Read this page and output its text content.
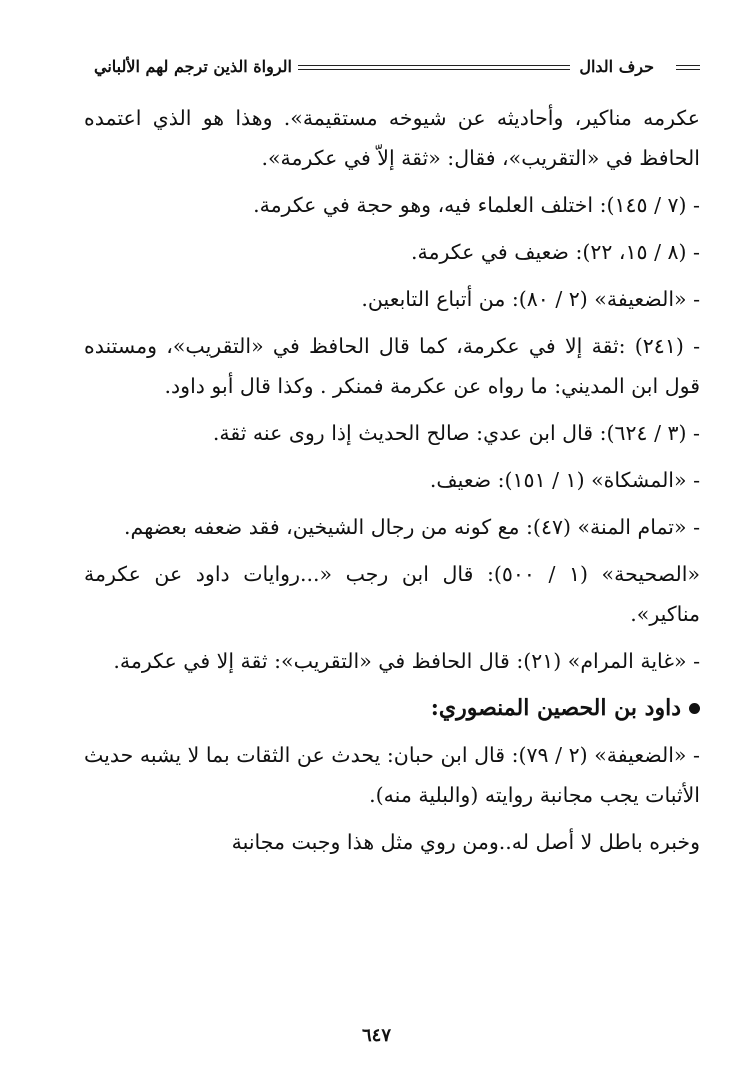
حرف الدال
الرواة الذين ترجم لهم الألباني

عكرمه مناكير، وأحاديثه عن شيوخه مستقيمة». وهذا هو الذي اعتمده الحافظ في «التقريب»، فقال: «ثقة إلاّ في عكرمة».

- (٧ / ١٤٥): اختلف العلماء فيه، وهو حجة في عكرمة.

- (٨ / ١٥، ٢٢): ضعيف في عكرمة.

- «الضعيفة» (٢ / ٨٠): من أتباع التابعين.

- (٢٤١) :ثقة إلا في عكرمة، كما قال الحافظ في «التقريب»، ومستنده قول ابن المديني: ما رواه عن عكرمة فمنكر . وكذا قال أبو داود.

- (٣ / ٦٢٤): قال ابن عدي: صالح الحديث إذا روى عنه ثقة.

- «المشكاة» (١ / ١٥١): ضعيف.

- «تمام المنة» (٤٧): مع كونه من رجال الشيخين، فقد ضعفه بعضهم.

«الصحيحة» (١ / ٥٠٠): قال ابن رجب «...روايات داود عن عكرمة مناكير».

- «غاية المرام» (٢١): قال الحافظ في «التقريب»: ثقة إلا في عكرمة.

داود بن الحصين المنصوري:

- «الضعيفة» (٢ / ٧٩): قال ابن حبان: يحدث عن الثقات بما لا يشبه حديث الأثبات يجب مجانبة روايته (والبلية منه).

وخبره باطل لا أصل له..ومن روي مثل هذا وجبت مجانبة

٦٤٧
